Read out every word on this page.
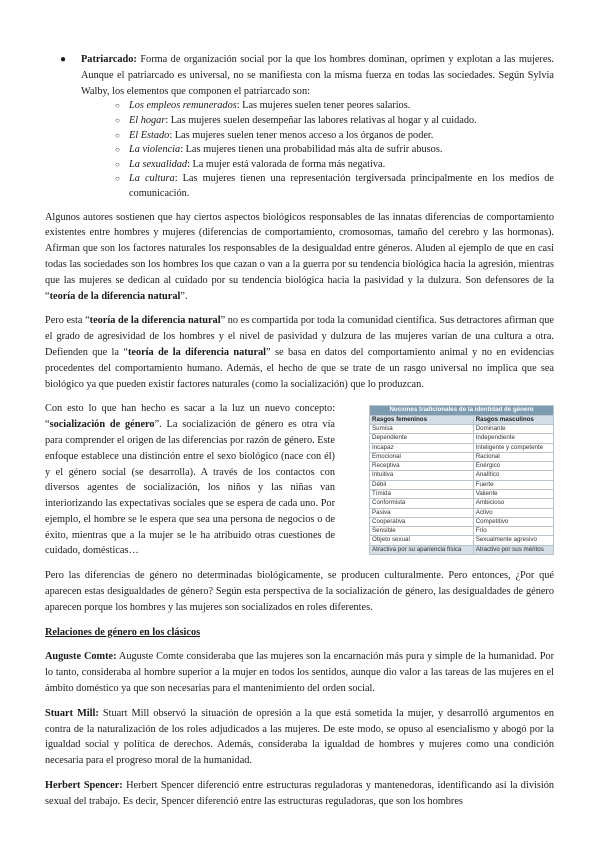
● Patriarcado: Forma de organización social por la que los hombres dominan, oprimen y explotan a las mujeres. Aunque el patriarcado es universal, no se manifiesta con la misma fuerza en todas las sociedades. Según Sylvia Walby, los elementos que componen el patriarcado son:

○ Los empleos remunerados: Las mujeres suelen tener peores salarios.
○ El hogar: Las mujeres suelen desempeñar las labores relativas al hogar y al cuidado.
○ El Estado: Las mujeres suelen tener menos acceso a los órganos de poder.
○ La violencia: Las mujeres tienen una probabilidad más alta de sufrir abusos.
○ La sexualidad: La mujer está valorada de forma más negativa.
○ La cultura: Las mujeres tienen una representación tergiversada principalmente en los medios de comunicación.

Algunos autores sostienen que hay ciertos aspectos biológicos responsables de las innatas diferencias de comportamiento existentes entre hombres y mujeres (diferencias de comportamiento, cromosomas, tamaño del cerebro y las hormonas). Afirman que son los factores naturales los responsables de la desigualdad entre géneros. Aluden al ejemplo de que en casi todas las sociedades son los hombres los que cazan o van a la guerra por su tendencia biológica hacia la agresión, mientras que las mujeres se dedican al cuidado por su tendencia biológica hacia la pasividad y la dulzura. Son defensores de la “teoría de la diferencia natural”.

Pero esta “teoría de la diferencia natural” no es compartida por toda la comunidad científica. Sus detractores afirman que el grado de agresividad de los hombres y el nivel de pasividad y dulzura de las mujeres varían de una cultura a otra. Defienden que la “teoría de la diferencia natural” se basa en datos del comportamiento animal y no en evidencias procedentes del comportamiento humano. Además, el hecho de que se trate de un rasgo universal no implica que sea biológico ya que pueden existir factores naturales (como la socialización) que lo produzcan.

Con esto lo que han hecho es sacar a la luz un nuevo concepto: “socialización de género”. La socialización de género es otra vía para comprender el origen de las diferencias por razón de género. Este enfoque establece una distinción entre el sexo biológico (nace con él) y el género social (se desarrolla). A través de los contactos con diversos agentes de socialización, los niños y las niñas van interiorizando las expectativas sociales que se espera de cada uno. Por ejemplo, el hombre se le espera que sea una persona de negocios o de éxito, mientras que a la mujer se le ha atribuido otras cuestiones de cuidado, domésticas…

Nociones tradicionales de la identidad de género	
Rasgos femeninos	Rasgos masculinos
Sumisa	Dominante
Dependiente	Independiente
Incapaz	Inteligente y competente
Emocional	Racional
Receptiva	Enérgico
Intuitiva	Analítico
Débil	Fuerte
Tímida	Valiente
Conformista	Ambicioso
Pasiva	Activo
Cooperativa	Competitivo
Sensible	Frío
Objeto sexual	Sexualmente agresivo
Atractiva por su apariencia física	Atractivo por sus méritos

Pero las diferencias de género no determinadas biológicamente, se producen culturalmente. Pero entonces, ¿Por qué aparecen estas desigualdades de género? Según esta perspectiva de la socialización de género, las desigualdades de género aparecen porque los hombres y las mujeres son socializados en roles diferentes.

Relaciones de género en los clásicos

Auguste Comte: Auguste Comte consideraba que las mujeres son la encarnación más pura y simple de la humanidad. Por lo tanto, consideraba al hombre superior a la mujer en todos los sentidos, aunque dio valor a las tareas de las mujeres en el ámbito doméstico ya que son necesarias para el mantenimiento del orden social.

Stuart Mill: Stuart Mill observó la situación de opresión a la que está sometida la mujer, y desarrolló argumentos en contra de la naturalización de los roles adjudicados a las mujeres. De este modo, se opuso al esencialismo y abogó por la igualdad social y política de derechos. Además, consideraba la igualdad de hombres y mujeres como una condición necesaria para el progreso moral de la humanidad.

Herbert Spencer: Herbert Spencer diferenció entre estructuras reguladoras y mantenedoras, identificando así la división sexual del trabajo. Es decir, Spencer diferenció entre las estructuras reguladoras, que son los hombres
